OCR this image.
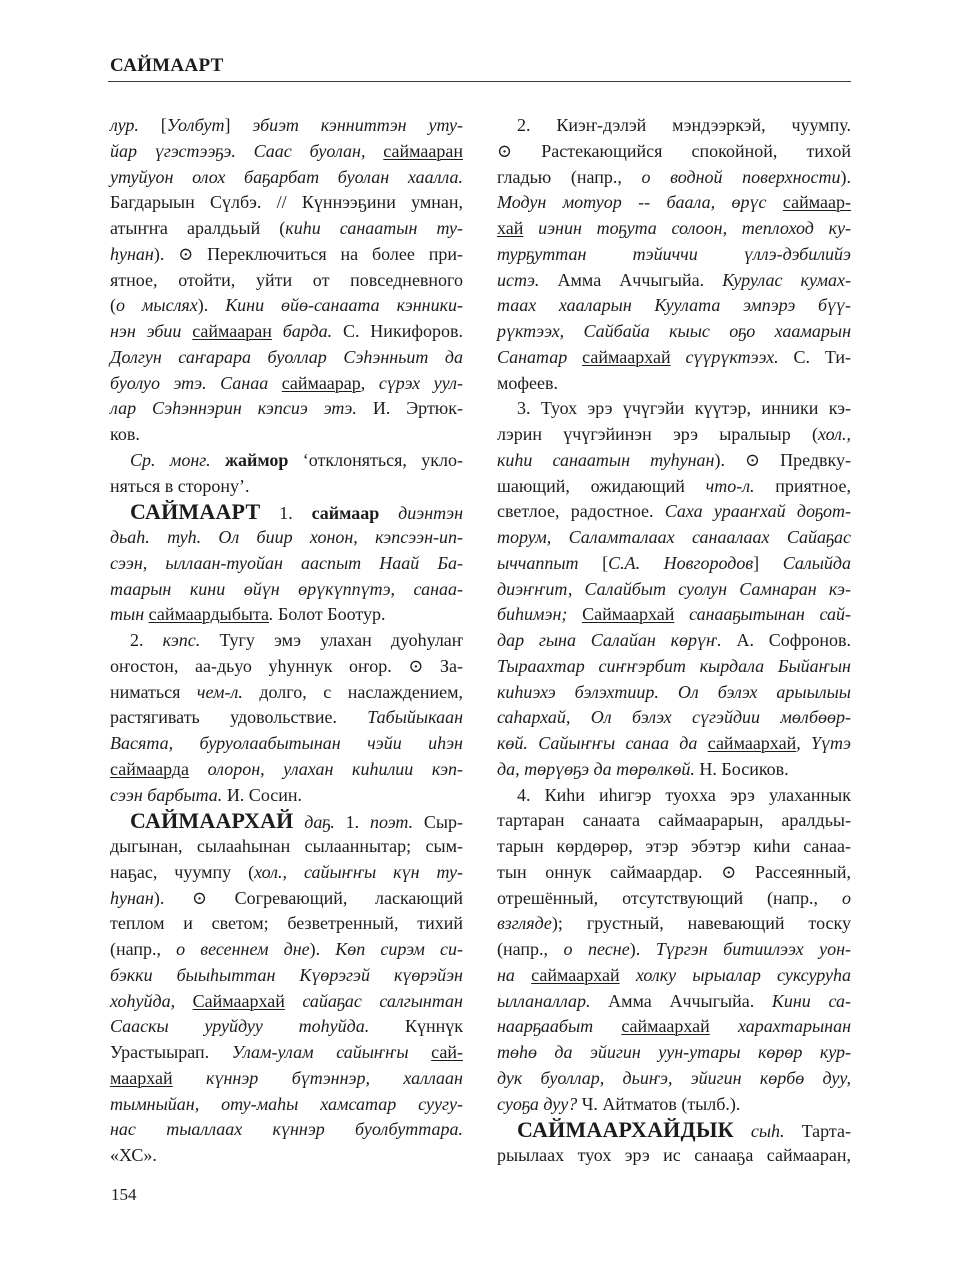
САЙМААРТ
лур. [Уолбут] эбиэт кэнниттэн уту-
йар үгэстээҕэ. Саас буолан, саймааран
утуйуон олох баҕарбат буолан хаалла.
Багдарыын Сүлбэ. // Күннээҕини умнан,
атыҥҥа аралдьый (киһи санаатын ту-
һунан). ⊙ Переключиться на более при-
ятное, отойти, уйти от повседневного
(о мыслях). Кини өйө-санаата кэнники-
нэн эбии саймааран барда. С. Никифоров.
Долгун саҥарара буоллар Сэһэнньит да
буолуо этэ. Санаа саймаарар, сүрэх уул-
лар Сэһэннэрин кэпсиэ этэ. И. Эртюк-
ков.
Ср. монг. жаймор ‘отклоняться, укло-
няться в сторону’.
САЙМААРТ 1. саймаар диэнтэн
дьаһ. туһ. Ол биир хонон, кэпсээн-ип-
сээн, ыллаан-туойан ааспыт Наай Ба-
таарын кини өйүн өрүкүппүтэ, санаа-
тын саймаардыбыта. Болот Боотур.
2. кэпс. Тугу эмэ улахан дуоһулаҥ
оҥостон, аа-дьуо уһуннук оҥор. ⊙ За-
ниматься чем-л. долго, с наслаждением,
растягивать удовольствие. Табыйыкаан
Васята, буруолаабытынан чэйи иһэн
саймаарда олорон, улахан киһилии кэп-
сээн барбыта. И. Сосин.
САЙМААРХАЙ даҕ. 1. поэт. Сыр-
дыгынан, сылааһынан сылааннытар; сым-
наҕас, чуумпу (хол., сайыҥҥы күн ту-
һунан). ⊙ Согревающий, ласкающий
теплом и светом; безветренный, тихий
(напр., о весеннем дне). Көп сирэм си-
бэкки быыһыттан Күөрэгэй күөрэйэн
хоһуйда, Саймаархай сайаҕас салгынтан
Сааскы уруйдуу тоһуйда. Күннүк
Урастыырап. Улам-улам сайыҥҥы сай-
маархай күннэр бүтэннэр, халлаан
тымныйан, оту-маһы хамсатар суугу-
нас тыаллаах күннэр буолбуттара.
«ХС».
2. Киэҥ-дэлэй мэндээркэй, чуумпу.
⊙ Растекающийся спокойной, тихой
гладью (напр., о водной поверхности).
Модун мотуор -- баала, өрүс саймаар-
хай иэнин тоҕута солоон, теплоход ку-
турҕуттан тэйиччи үллэ-дэбилийэ
истэ. Амма Аччыгыйа. Курулас кумах-
таах хааларын Куулата эмпэрэ бүү-
рүктээх, Сайбайа кыыс оҕо хаамарын
Санатар саймаархай сүүрүктээх. С. Ти-
мофеев.
3. Туох эрэ үчүгэйи күүтэр, инники кэ-
лэрин үчүгэйинэн эрэ ыралыыр (хол.,
киһи санаатын туһунан). ⊙ Предвку-
шающий, ожидающий что-л. приятное,
светлое, радостное. Саха урааҥхай доҕот-
торум, Саламталаах санаалаах Сайаҕас
ыччаппыт [С.А. Новгородов] Салыйда
диэҥҥит, Салайбыт суолун Самнаран кэ-
биһимэн; Саймаархай санааҕытынан сай-
дар гына Салайан көрүҥ. А. Софронов.
Тыраахтар сиҥҥэрбит кырдала Быйаҥын
киһиэхэ бэлэхтиир. Ол бэлэх арыылыы
саһархай, Ол бэлэх сүгэйдии мөлбөөр-
көй. Сайыҥҥы санаа да саймаархай, Үүтэ
да, төрүөҕэ да төрөлкөй. Н. Босиков.
4. Киһи иһигэр туохха эрэ улаханнык
тартаран санаата саймаарарын, аралдьы-
тарын көрдөрөр, этэр эбэтэр киһи санаа-
тын оннук саймаардар. ⊙ Рассеянный,
отрешённый, отсутствующий (напр., о
взгляде); грустный, навевающий тоску
(напр., о песне). Түргэн битиилээх уон-
на саймаархай холку ырыалар суксуруһа
ылланаллар. Амма Аччыгыйа. Кини са-
наарҕаабыт саймаархай харахтарынан
төһө да эйигин уун-утары көрөр кур-
дук буоллар, дьиҥэ, эйигин көрбө дуу,
суоҕа дуу? Ч. Айтматов (тылб.).
САЙМААРХАЙДЫК сыһ. Тарта-
рыылаах туох эрэ ис санааҕа саймааран,
154
